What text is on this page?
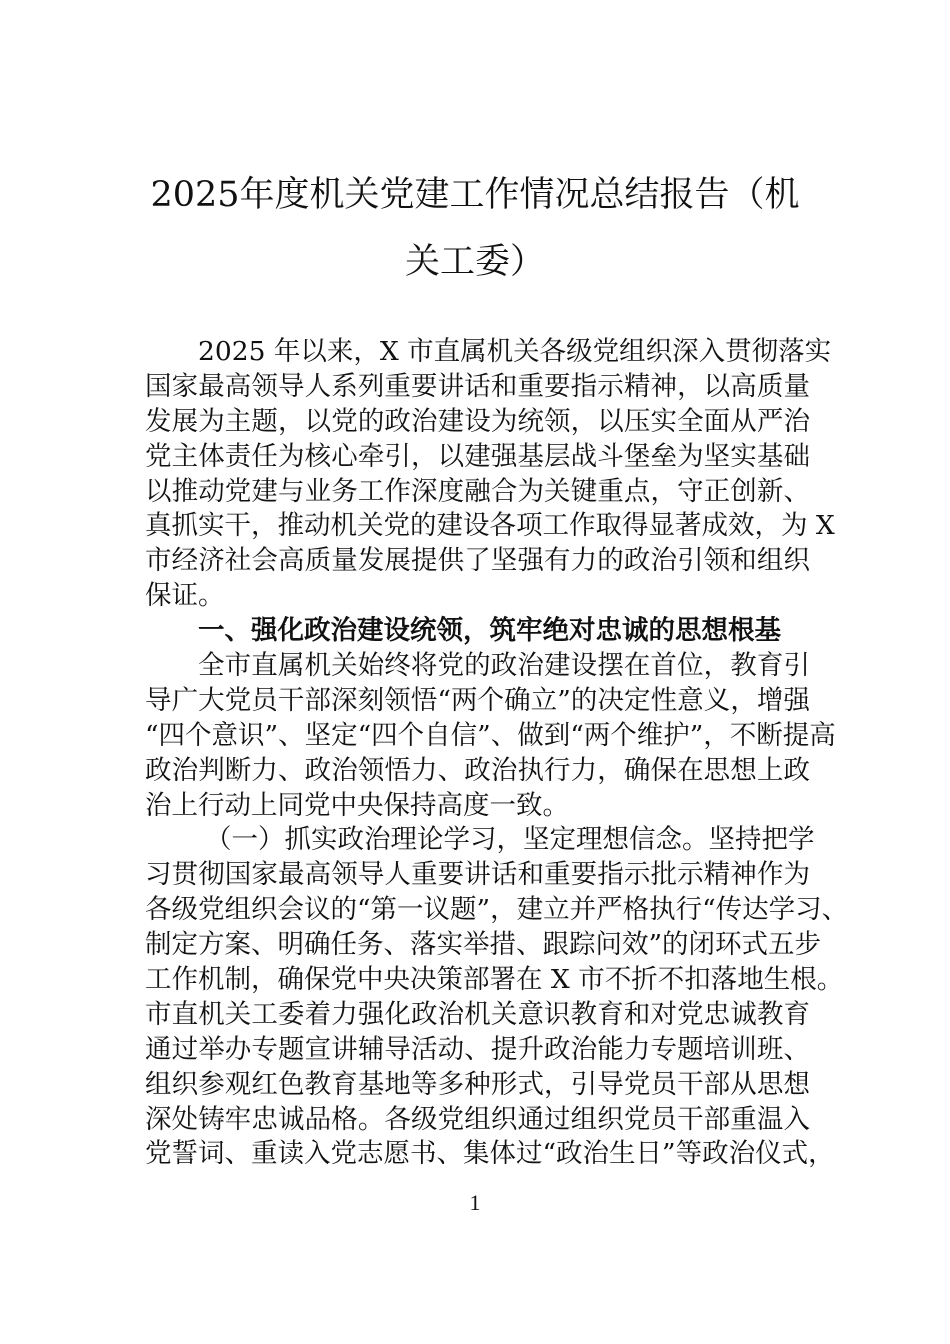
2025年度机关党建工作情况总结报告（机
关工委）
2025 年以来，X 市直属机关各级党组织深入贯彻落实
国家最高领导人系列重要讲话和重要指示精神，以高质量
发展为主题，以党的政治建设为统领，以压实全面从严治
党主体责任为核心牵引，以建强基层战斗堡垒为坚实基础
以推动党建与业务工作深度融合为关键重点，守正创新、
真抓实干，推动机关党的建设各项工作取得显著成效，为 X
市经济社会高质量发展提供了坚强有力的政治引领和组织
保证。
一、强化政治建设统领，筑牢绝对忠诚的思想根基
全市直属机关始终将党的政治建设摆在首位，教育引
导广大党员干部深刻领悟“两个确立”的决定性意义，增强
“四个意识”、坚定“四个自信”、做到“两个维护”，不断提高
政治判断力、政治领悟力、政治执行力，确保在思想上政
治上行动上同党中央保持高度一致。
（一）抓实政治理论学习，坚定理想信念。坚持把学
习贯彻国家最高领导人重要讲话和重要指示批示精神作为
各级党组织会议的“第一议题”，建立并严格执行“传达学习、
制定方案、明确任务、落实举措、跟踪问效”的闭环式五步
工作机制，确保党中央决策部署在 X 市不折不扣落地生根。
市直机关工委着力强化政治机关意识教育和对党忠诚教育
通过举办专题宣讲辅导活动、提升政治能力专题培训班、
组织参观红色教育基地等多种形式，引导党员干部从思想
深处铸牢忠诚品格。各级党组织通过组织党员干部重温入
党誓词、重读入党志愿书、集体过“政治生日”等政治仪式，
1
